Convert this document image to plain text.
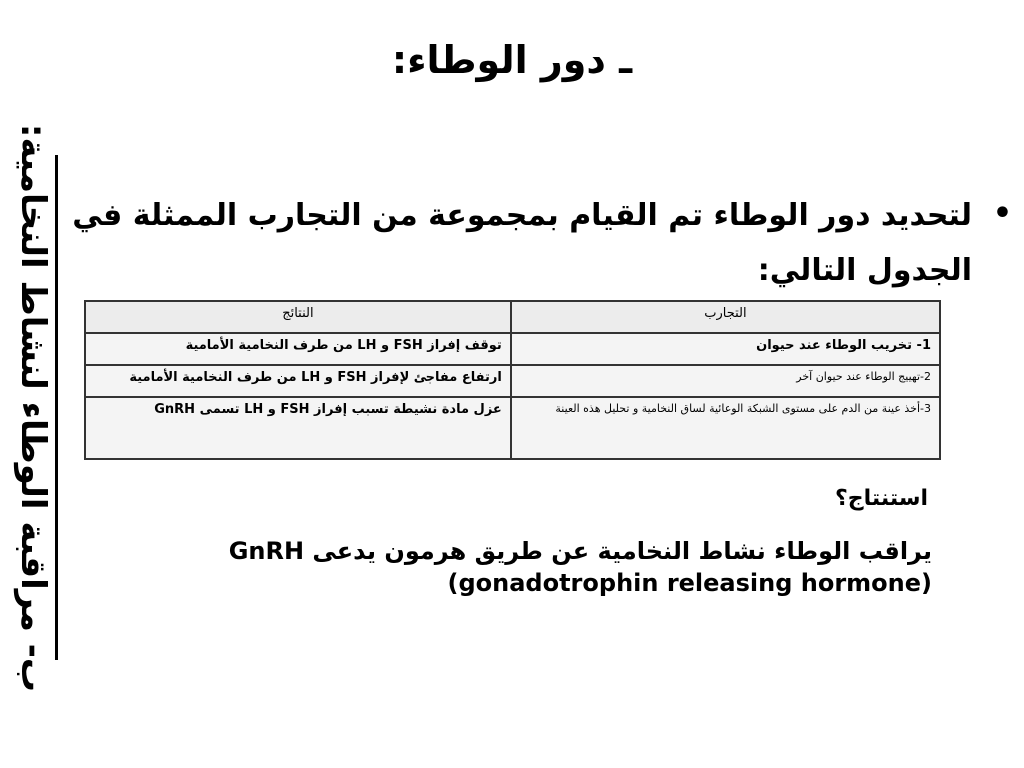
ـ دور الوطاء:
ب- مراقبة الوطاء لنشاط النخامية:	•
لتحديد دور الوطاء تم القيام بمجموعة من التجارب الممثلة في الجدول التالي:
التجارب	النتائج
1- تخريب الوطاء عند حيوان	توقف إفراز FSH و LH من طرف النخامية الأمامية
2-تهييج الوطاء عند حيوان آخر	ارتفاع مفاجئ لإفراز FSH و LH من طرف النخامية الأمامية
3-أخذ عينة من الدم على مستوى الشبكة الوعائية لساق النخامية و تحليل هذه العينة	عزل مادة نشيطة تسبب إفراز FSH و LH تسمى GnRH
استنتاج؟
يراقب الوطاء نشاط النخامية عن طريق هرمون يدعى GnRH
(gonadotrophin releasing hormone)
